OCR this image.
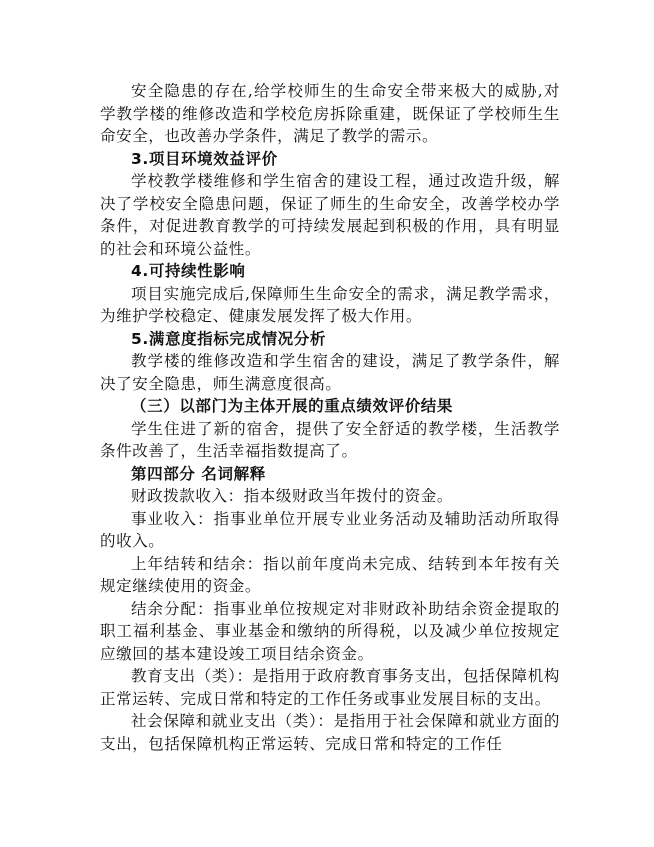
安全隐患的存在,给学校师生的生命安全带来极大的威胁,对学教学楼的维修改造和学校危房拆除重建，既保证了学校师生生命安全，也改善办学条件，满足了教学的需示。

3.项目环境效益评价

学校教学楼维修和学生宿舍的建设工程，通过改造升级，解决了学校安全隐患问题，保证了师生的生命安全，改善学校办学条件，对促进教育教学的可持续发展起到积极的作用，具有明显的社会和环境公益性。

4.可持续性影响

项目实施完成后,保障师生生命安全的需求，满足教学需求，为维护学校稳定、健康发展发挥了极大作用。

5.满意度指标完成情况分析

教学楼的维修改造和学生宿舍的建设，满足了教学条件，解决了安全隐患，师生满意度很高。

（三）以部门为主体开展的重点绩效评价结果

学生住进了新的宿舍，提供了安全舒适的教学楼，生活教学条件改善了，生活幸福指数提高了。

第四部分 名词解释

财政拨款收入：指本级财政当年拨付的资金。

事业收入：指事业单位开展专业业务活动及辅助活动所取得的收入。

上年结转和结余：指以前年度尚未完成、结转到本年按有关规定继续使用的资金。

结余分配：指事业单位按规定对非财政补助结余资金提取的职工福利基金、事业基金和缴纳的所得税，以及减少单位按规定应缴回的基本建设竣工项目结余资金。

教育支出（类）：是指用于政府教育事务支出，包括保障机构正常运转、完成日常和特定的工作任务或事业发展目标的支出。

社会保障和就业支出（类）：是指用于社会保障和就业方面的支出，包括保障机构正常运转、完成日常和特定的工作任
